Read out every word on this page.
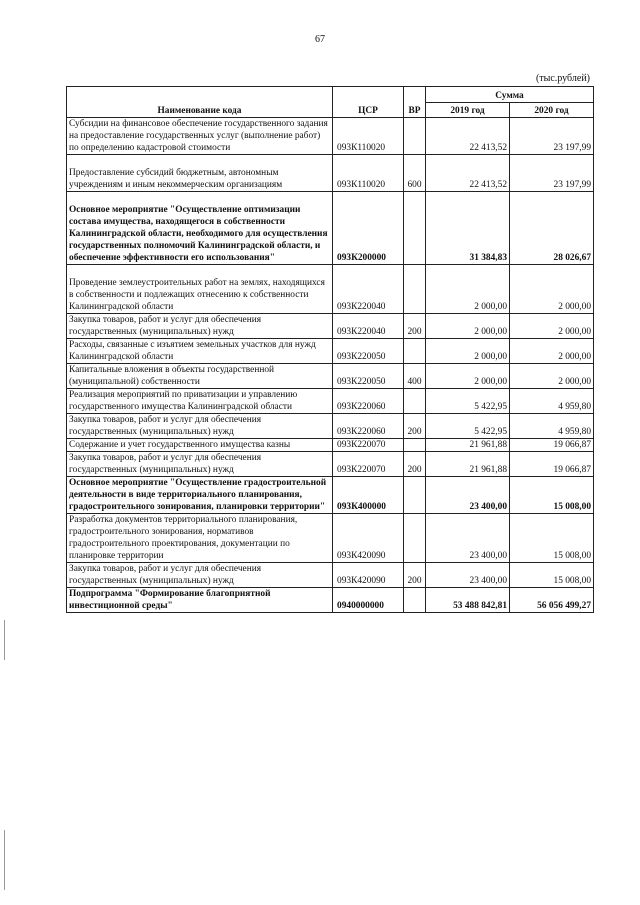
67
(тыс.рублей)
Наименование кода	ЦСР	ВР	Сумма	
			2019 год	2020 год
Субсидии на финансовое обеспечение государственного задания на предоставление государственных услуг (выполнение работ) по определению кадастровой стоимости	093К110020		22 413,52	23 197,99
Предоставление субсидий бюджетным, автономным учреждениям и иным некоммерческим организациям	093К110020	600	22 413,52	23 197,99
Основное мероприятие "Осуществление оптимизации состава имущества, находящегося в собственности Калининградской области, необходимого для осуществления государственных полномочий Калининградской области, и обеспечение эффективности его использования"	093К200000		31 384,83	28 026,67
Проведение землеустроительных работ на землях, находящихся в собственности и подлежащих отнесению к собственности Калининградской области	093К220040		2 000,00	2 000,00
Закупка товаров, работ и услуг для обеспечения государственных (муниципальных) нужд	093К220040	200	2 000,00	2 000,00
Расходы, связанные с изъятием земельных участков для нужд Калининградской области	093К220050		2 000,00	2 000,00
Капитальные вложения в объекты государственной (муниципальной) собственности	093К220050	400	2 000,00	2 000,00
Реализация мероприятий по приватизации и управлению государственного имущества Калининградской области	093К220060		5 422,95	4 959,80
Закупка товаров, работ и услуг для обеспечения государственных (муниципальных) нужд	093К220060	200	5 422,95	4 959,80
Содержание и учет государственного имущества казны	093К220070		21 961,88	19 066,87
Закупка товаров, работ и услуг для обеспечения государственных (муниципальных) нужд	093К220070	200	21 961,88	19 066,87
Основное мероприятие "Осуществление градостроительной деятельности в виде территориального планирования, градостроительного зонирования, планировки территории"	093К400000		23 400,00	15 008,00
Разработка документов территориального планирования, градостроительного зонирования, нормативов градостроительного проектирования, документации по планировке территории	093К420090		23 400,00	15 008,00
Закупка товаров, работ и услуг для обеспечения государственных (муниципальных) нужд	093К420090	200	23 400,00	15 008,00
Подпрограмма "Формирование благоприятной инвестиционной среды"	0940000000		53 488 842,81	56 056 499,27
